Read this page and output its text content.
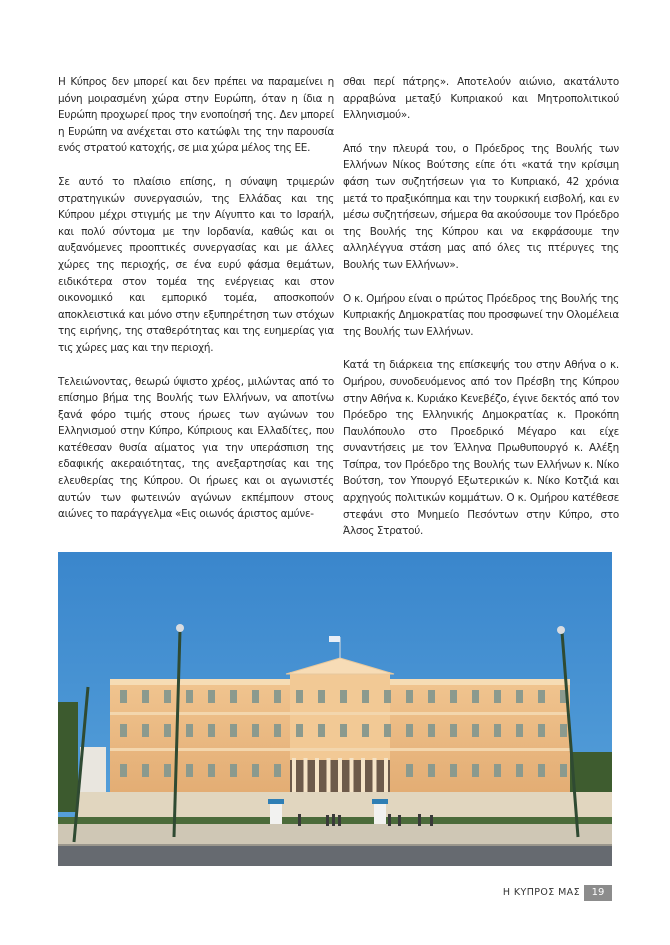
Η Κύπρος δεν μπορεί και δεν πρέπει να παραμείνει η μόνη μοιρασμένη χώρα στην Ευρώπη, όταν η ίδια η Ευρώπη προχωρεί προς την ενοποίησή της. Δεν μπορεί η Ευρώπη να ανέχεται στο κατώφλι της την παρουσία ενός στρατού κατοχής, σε μια χώρα μέλος της ΕΕ.

Σε αυτό το πλαίσιο επίσης, η σύναψη τριμερών στρατηγικών συνεργασιών, της Ελλάδας και της Κύπρου μέχρι στιγμής με την Αίγυπτο και το Ισραήλ, και πολύ σύντομα με την Ιορδανία, καθώς και οι αυξανόμενες προοπτικές συνεργασίας και με άλλες χώρες της περιοχής, σε ένα ευρύ φάσμα θεμάτων, ειδικότερα στον τομέα της ενέργειας και στον οικονομικό και εμπορικό τομέα, αποσκοπούν αποκλειστικά και μόνο στην εξυπηρέτηση των στόχων της ειρήνης, της σταθερότητας και της ευημερίας για τις χώρες μας και την περιοχή.

Τελειώνοντας, θεωρώ ύψιστο χρέος, μιλώντας από το επίσημο βήμα της Βουλής των Ελλήνων, να αποτίνω ξανά φόρο τιμής στους ήρωες των αγώνων του Ελληνισμού στην Κύπρο, Κύπριους και Ελλαδίτες, που κατέθεσαν θυσία αίματος για την υπεράσπιση της εδαφικής ακεραιότητας, της ανεξαρτησίας και της ελευθερίας της Κύπρου. Οι ήρωες και οι αγωνιστές αυτών των φωτεινών αγώνων εκπέμπουν στους αιώνες το παράγγελμα «Εις οιωνός άριστος αμύνε-

σθαι περί πάτρης». Αποτελούν αιώνιο, ακατάλυτο αρραβώνα μεταξύ Κυπριακού και Μητροπολιτικού Ελληνισμού».

Από την πλευρά του, ο Πρόεδρος της Βουλής των Ελλήνων Νίκος Βούτσης είπε ότι «κατά την κρίσιμη φάση των συζητήσεων για το Κυπριακό, 42 χρόνια μετά το πραξικόπημα και την τουρκική εισβολή, και εν μέσω συζητήσεων, σήμερα θα ακούσουμε τον Πρόεδρο της Βουλής της Κύπρου και να εκφράσουμε την αλληλέγγυα στάση μας από όλες τις πτέρυγες της Βουλής των Ελλήνων».

Ο κ. Ομήρου είναι ο πρώτος Πρόεδρος της Βουλής της Κυπριακής Δημοκρατίας που προσφωνεί την Ολομέλεια της Βουλής των Ελλήνων.

Κατά τη διάρκεια της επίσκεψής του στην Αθήνα ο κ. Ομήρου, συνοδευόμενος από τον Πρέσβη της Κύπρου στην Αθήνα κ. Κυριάκο Κενεβέζο, έγινε δεκτός από τον Πρόεδρο της Ελληνικής Δημοκρατίας κ. Προκόπη Παυλόπουλο στο Προεδρικό Μέγαρο και είχε συναντήσεις με τον Έλληνα Πρωθυπουργό κ. Αλέξη Τσίπρα, τον Πρόεδρο της Βουλής των Ελλήνων κ. Νίκο Βούτση, τον Υπουργό Εξωτερικών κ. Νίκο Κοτζιά και αρχηγούς πολιτικών κομμάτων. Ο κ. Ομήρου κατέθεσε στεφάνι στο Μνημείο Πεσόντων στην Κύπρο, στο Άλσος Στρατού.

Η ΚΥΠΡΟΣ ΜΑΣ	19
